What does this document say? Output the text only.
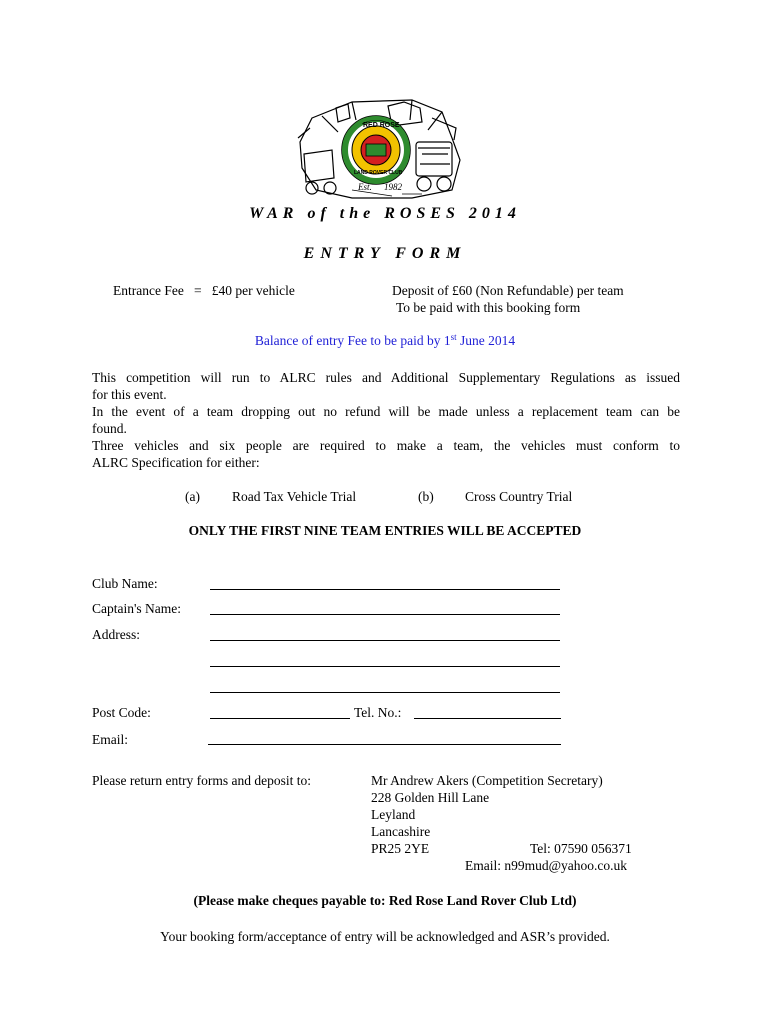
RED ROSE
LAND ROVER CLUB
Est. 1982
WAR of the ROSES 2014
ENTRY FORM
Entrance Fee   =   £40 per vehicle	Deposit of £60 (Non Refundable) per team
To be paid with this booking form
Balance of entry Fee to be paid by 1st June 2014

This competition will run to ALRC rules and Additional Supplementary Regulations as issued

for this event.

In the event of a team dropping out no refund will be made unless a replacement team can be

found.

Three vehicles and six people are required to make a team, the vehicles must conform to

ALRC Specification for either:

(a) Road Tax Vehicle Trial	(b) Cross Country Trial
ONLY THE FIRST NINE TEAM ENTRIES WILL BE ACCEPTED
Club Name:
Captain's Name:
Address:
Post Code:	Tel. No.:
Email:
Please return entry forms and deposit to:	Mr Andrew Akers (Competition Secretary)
228 Golden Hill Lane
Leyland
Lancashire
PR25 2YE	Tel: 07590 056371
Email: n99mud@yahoo.co.uk
(Please make cheques payable to: Red Rose Land Rover Club Ltd)
Your booking form/acceptance of entry will be acknowledged and ASR’s provided.
